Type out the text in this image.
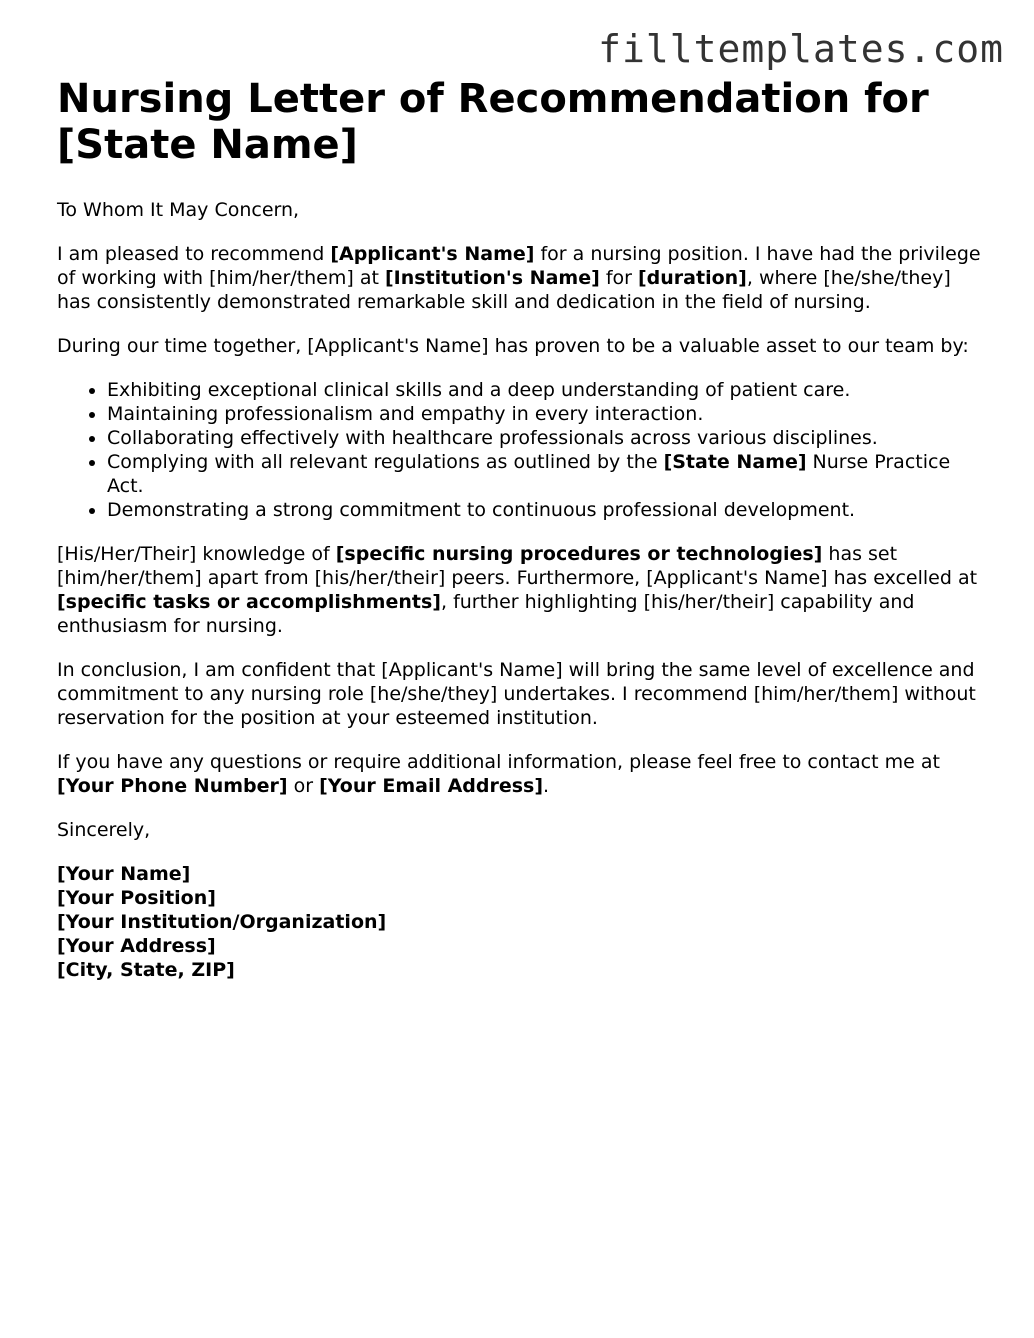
filltemplates.com
Nursing Letter of Recommendation for [State Name]

To Whom It May Concern,

I am pleased to recommend [Applicant's Name] for a nursing position. I have had the privilege of working with [him/her/them] at [Institution's Name] for [duration], where [he/she/they] has consistently demonstrated remarkable skill and dedication in the field of nursing.

During our time together, [Applicant's Name] has proven to be a valuable asset to our team by:

• Exhibiting exceptional clinical skills and a deep understanding of patient care.
• Maintaining professionalism and empathy in every interaction.
• Collaborating effectively with healthcare professionals across various disciplines.
• Complying with all relevant regulations as outlined by the [State Name] Nurse Practice Act.
• Demonstrating a strong commitment to continuous professional development.

[His/Her/Their] knowledge of [specific nursing procedures or technologies] has set [him/her/them] apart from [his/her/their] peers. Furthermore, [Applicant's Name] has excelled at [specific tasks or accomplishments], further highlighting [his/her/their] capability and enthusiasm for nursing.

In conclusion, I am confident that [Applicant's Name] will bring the same level of excellence and commitment to any nursing role [he/she/they] undertakes. I recommend [him/her/them] without reservation for the position at your esteemed institution.

If you have any questions or require additional information, please feel free to contact me at [Your Phone Number] or [Your Email Address].

Sincerely,

[Your Name]
[Your Position]
[Your Institution/Organization]
[Your Address]
[City, State, ZIP]
